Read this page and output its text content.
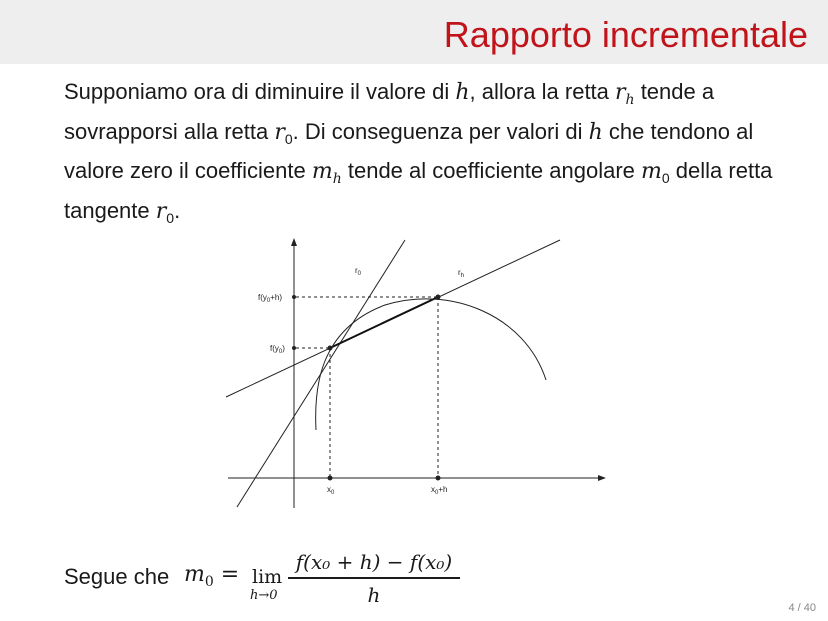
Rapporto incrementale
Supponiamo ora di diminuire il valore di h, allora la retta $r_h$ tende a sovrapporsi alla retta $r_0$. Di conseguenza per valori di h che tendono al valore zero il coefficiente $m_h$ tende al coefficiente angolare $m_0$ della retta tangente $r_0$.
$r_0$	$r_h$
$f(y_0+h)$
$f(y_0)$
$x_0$	$x_0+h$
Segue che $m_0 = \lim$
h→0
f(x₀ + h) − f(x₀)
h
4 / 40
